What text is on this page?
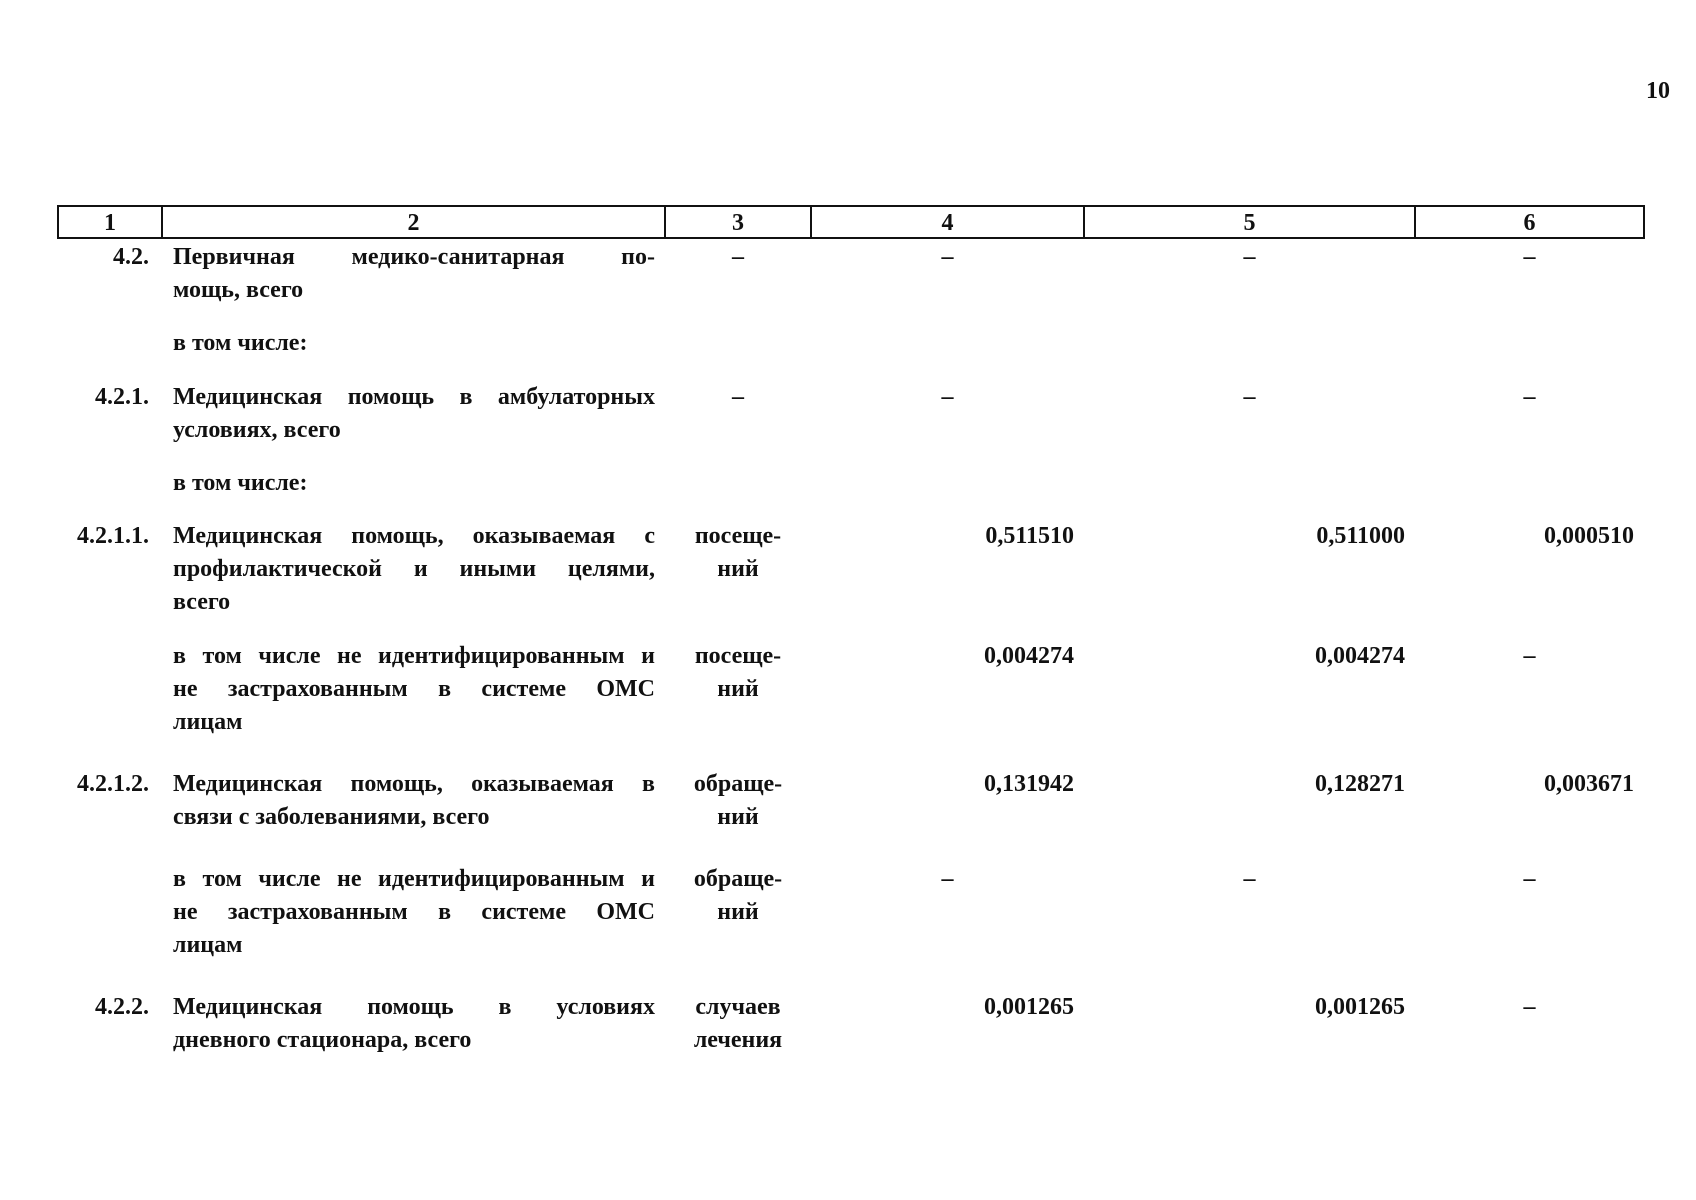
10
1	2	3	4	5	6
4.2.	Первичная медико-санитарная по-
мощь, всего	–	–	–	–

	в том числе:				

4.2.1.	Медицинская помощь в амбулаторных
условиях, всего	–	–	–	–

	в том числе:				

4.2.1.1.	Медицинская помощь, оказываемая с
профилактической и иными целями,
всего	посеще-
ний	0,511510	0,511000	0,000510

	в том числе не идентифицированным и
не застрахованным в системе ОМС
лицам	посеще-
ний	0,004274	0,004274	–
4.2.1.2.	Медицинская помощь, оказываемая в
связи с заболеваниями, всего	обраще-
ний	0,131942	0,128271	0,003671

	в том числе не идентифицированным и
не застрахованным в системе ОМС
лицам	обраще-
ний	–	–	–
4.2.2.	Медицинская помощь в условиях
дневного стационара, всего	случаев
лечения	0,001265	0,001265	–
